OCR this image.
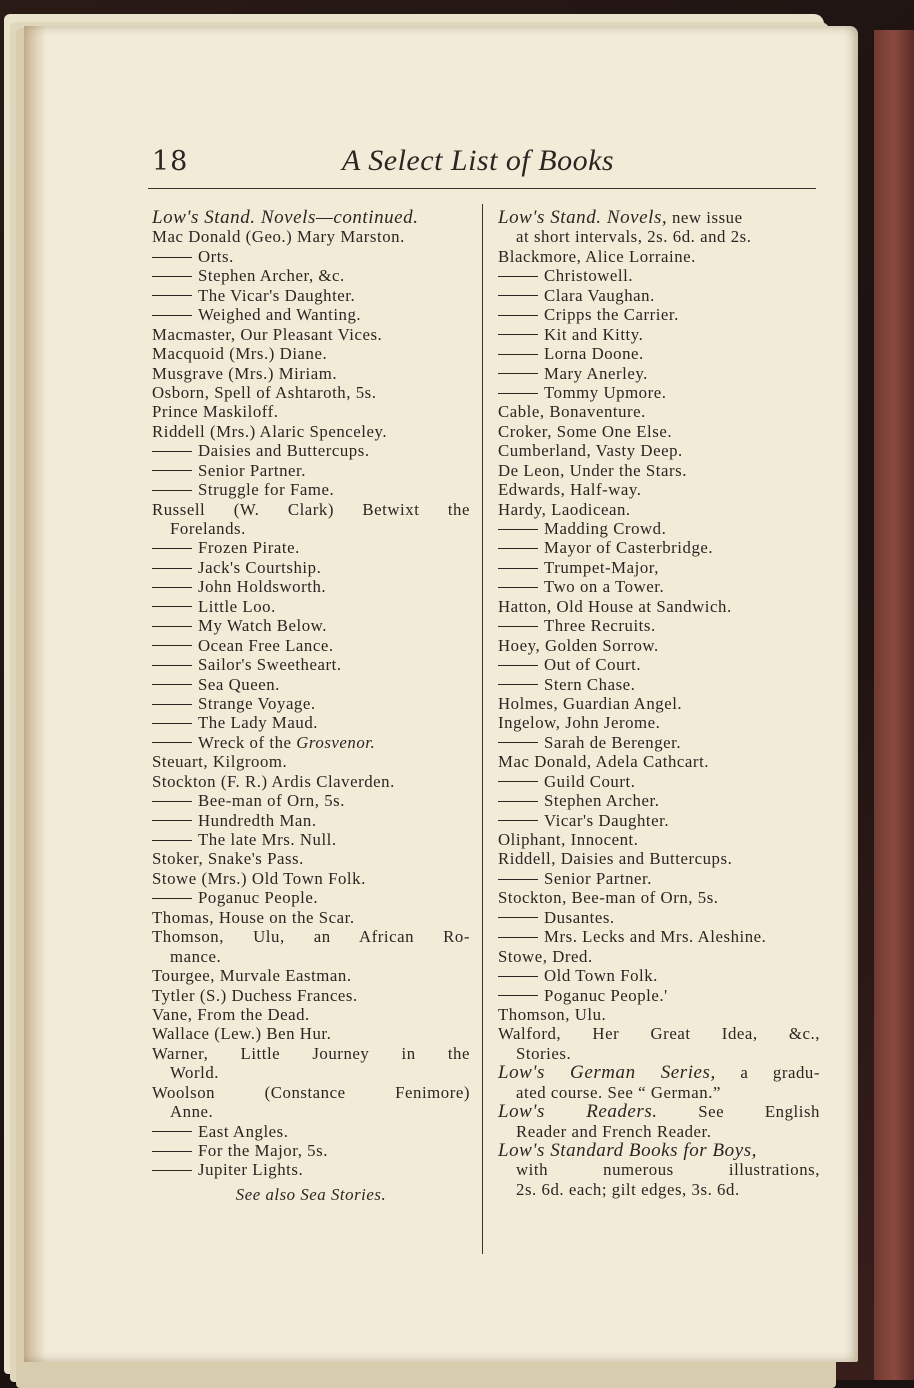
18	A Select List of Books
Low's Stand. Novels—continued.
Mac Donald (Geo.) Mary Marston.
Orts.
Stephen Archer, &c.
The Vicar's Daughter.
Weighed and Wanting.
Macmaster, Our Pleasant Vices.
Macquoid (Mrs.) Diane.
Musgrave (Mrs.) Miriam.
Osborn, Spell of Ashtaroth, 5s.
Prince Maskiloff.
Riddell (Mrs.) Alaric Spenceley.
Daisies and Buttercups.
Senior Partner.
Struggle for Fame.
Russell (W. Clark) Betwixt the
Forelands.
Frozen Pirate.
Jack's Courtship.
John Holdsworth.
Little Loo.
My Watch Below.
Ocean Free Lance.
Sailor's Sweetheart.
Sea Queen.
Strange Voyage.
The Lady Maud.
Wreck of the Grosvenor.
Steuart, Kilgroom.
Stockton (F. R.) Ardis Claverden.
Bee-man of Orn, 5s.
Hundredth Man.
The late Mrs. Null.
Stoker, Snake's Pass.
Stowe (Mrs.) Old Town Folk.
Poganuc People.
Thomas, House on the Scar.
Thomson, Ulu, an African Ro-
mance.
Tourgee, Murvale Eastman.
Tytler (S.) Duchess Frances.
Vane, From the Dead.
Wallace (Lew.) Ben Hur.
Warner, Little Journey in the
World.
Woolson (Constance Fenimore)
Anne.
East Angles.
For the Major, 5s.
Jupiter Lights.
See also Sea Stories.
Low's Stand. Novels, new issue
at short intervals, 2s. 6d. and 2s.
Blackmore, Alice Lorraine.
Christowell.
Clara Vaughan.
Cripps the Carrier.
Kit and Kitty.
Lorna Doone.
Mary Anerley.
Tommy Upmore.
Cable, Bonaventure.
Croker, Some One Else.
Cumberland, Vasty Deep.
De Leon, Under the Stars.
Edwards, Half-way.
Hardy, Laodicean.
Madding Crowd.
Mayor of Casterbridge.
Trumpet-Major,
Two on a Tower.
Hatton, Old House at Sandwich.
Three Recruits.
Hoey, Golden Sorrow.
Out of Court.
Stern Chase.
Holmes, Guardian Angel.
Ingelow, John Jerome.
Sarah de Berenger.
Mac Donald, Adela Cathcart.
Guild Court.
Stephen Archer.
Vicar's Daughter.
Oliphant, Innocent.
Riddell, Daisies and Buttercups.
Senior Partner.
Stockton, Bee-man of Orn, 5s.
Dusantes.
Mrs. Lecks and Mrs. Aleshine.
Stowe, Dred.
Old Town Folk.
Poganuc People.'
Thomson, Ulu.
Walford, Her Great Idea, &c.,
Stories.
Low's German Series, a gradu-
ated course. See “ German.”
Low's Readers. See English
Reader and French Reader.
Low's Standard Books for Boys,
with numerous illustrations,
2s. 6d. each; gilt edges, 3s. 6d.
